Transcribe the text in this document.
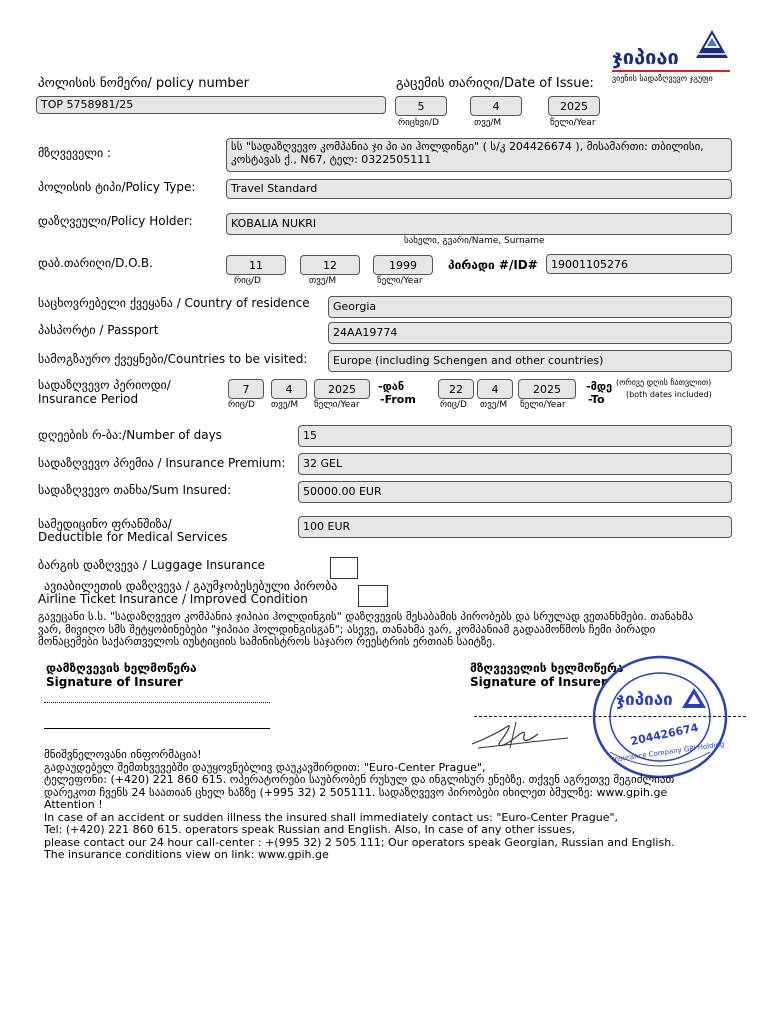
ჯიპიაი
ვიენის სადაზღვევო ჯგუფი
პოლისის ნომერი/ policy number	გაცემის თარიღი/Date of Issue:
TOP 5758981/25	5	4	2025
რიცხვი/D	თვე/M	წელი/Year
მზღვეველი :	სს "სადაზღვევო კომპანია ჯი პი აი ჰოლდინგი" ( ს/კ 204426674 ), მისამართი: თბილისი, კოსტავას ქ., N67, ტელ: 0322505111
პოლისის ტიპი/Policy Type:	Travel Standard
დაზღვეული/Policy Holder:	KOBALIA NUKRI
სახელი, გვარი/Name, Surname
დაბ.თარიღი/D.O.B.	11	12	1999
რიც/D	თვე/M	წელი/Year
პირადი #/ID#	19001105276
საცხოვრებელი ქვეყანა / Country of residence	Georgia
პასპორტი / Passport	24AA19774
სამოგზაურო ქვეყნები/Countries to be visited:	Europe (including Schengen and other countries)
სადაზღვევო პერიოდი/
Insurance Period
7	4	2025
რიც/D თვე/M წელი/Year
-დან
-From
22	4	2025
რიც/D თვე/M წელი/Year
-მდე
-To
(ორივე დღის ჩათვლით)
(both dates included)
დღეების რ-ბა:/Number of days	15
სადაზღვევო პრემია / Insurance Premium:	32 GEL
სადაზღვევო თანხა/Sum Insured:	50000.00 EUR
სამედიცინო ფრანშიზა/
Deductible for Medical Services
100 EUR
ბარგის დაზღვევა / Luggage Insurance
ავიაბილეთის დაზღვევა / გაუმჯობესებული პირობა
Airline Ticket Insurance / Improved Condition
გავეცანი ს.ს. "სადაზღვევო კომპანია ჯიპიაი ჰოლდინგის" დაზღვევის მესაბამის პირობებს და სრულად ვეთანხმები. თანახმა
ვარ, მივიღო სმს შეტყობინებები "ჯიპიაი ჰოლდინგისგან"; ასევე, თანახმა ვარ, კომპანიამ გადაამოწმოს ჩემი პირადი
მონაცემები საქართველოს იუსტიციის სამინისტროს საჯარო რეესტრის ერთიან საიტზე.
დამზღვევის ხელმოწერა
Signature of Insurer
მზღვეველის ხელმოწერა
Signature of Insurer
ჯიპიაი
204426674
Insurance Company GPI Holding
მნიშვნელოვანი ინფორმაცია!
გადაუდებელ შემთხვევებში დაუყოვნებლივ დაუკავშირდით: "Euro-Center Prague",
ტელეფონი: (+420) 221 860 615. ოპერატორები საუბრობენ რუსულ და ინგლისურ ენებზე. თქვენ აგრეთვე შეგიძლიათ
დარეკოთ ჩვენს 24 საათიან ცხელ ხაზზე (+995 32) 2 505111. სადაზღვევო პირობები იხილეთ ბმულზე: www.gpih.ge
Attention !
In case of an accident or sudden illness the insured shall immediately contact us: "Euro-Center Prague",
Tel: (+420) 221 860 615. operators speak Russian and English. Also, In case of any other issues,
please contact our 24 hour call-center : +(995 32) 2 505 111; Our operators speak Georgian, Russian and English.
The insurance conditions view on link: www.gpih.ge
